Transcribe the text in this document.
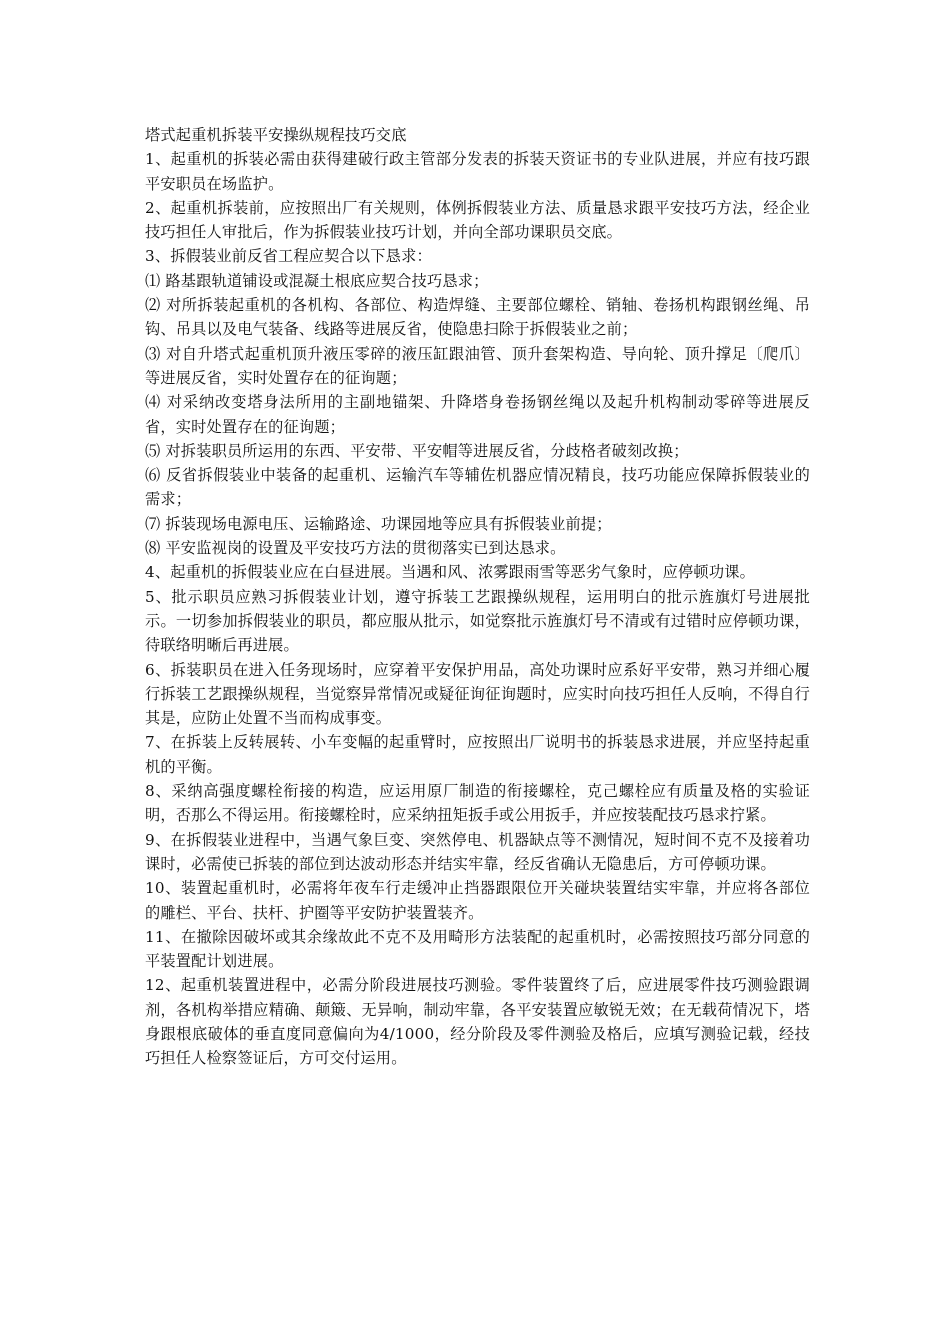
塔式起重机拆装平安操纵规程技巧交底

1、起重机的拆装必需由获得建破行政主管部分发表的拆装天资证书的专业队进展，并应有技巧跟平安职员在场监护。

2、起重机拆装前，应按照出厂有关规则，体例拆假装业方法、质量恳求跟平安技巧方法，经企业技巧担任人审批后，作为拆假装业技巧计划，并向全部功课职员交底。

3、拆假装业前反省工程应契合以下恳求：

⑴ 路基跟轨道铺设或混凝土根底应契合技巧恳求；

⑵ 对所拆装起重机的各机构、各部位、构造焊缝、主要部位螺栓、销轴、卷扬机构跟钢丝绳、吊钩、吊具以及电气装备、线路等进展反省，使隐患扫除于拆假装业之前；

⑶ 对自升塔式起重机顶升液压零碎的液压缸跟油管、顶升套架构造、导向轮、顶升撑足〔爬爪〕等进展反省，实时处置存在的征询题；

⑷ 对采纳改变塔身法所用的主副地锚架、升降塔身卷扬钢丝绳以及起升机构制动零碎等进展反省，实时处置存在的征询题；

⑸ 对拆装职员所运用的东西、平安带、平安帽等进展反省，分歧格者破刻改换；

⑹ 反省拆假装业中装备的起重机、运输汽车等辅佐机器应情况精良，技巧功能应保障拆假装业的需求；

⑺ 拆装现场电源电压、运输路途、功课园地等应具有拆假装业前提；

⑻ 平安监视岗的设置及平安技巧方法的贯彻落实已到达恳求。

4、起重机的拆假装业应在白昼进展。当遇和风、浓雾跟雨雪等恶劣气象时，应停顿功课。

5、批示职员应熟习拆假装业计划，遵守拆装工艺跟操纵规程，运用明白的批示旌旗灯号进展批示。一切参加拆假装业的职员，都应服从批示，如觉察批示旌旗灯号不清或有过错时应停顿功课，待联络明晰后再进展。

6、拆装职员在进入任务现场时，应穿着平安保护用品，高处功课时应系好平安带，熟习并细心履行拆装工艺跟操纵规程，当觉察异常情况或疑征询征询题时，应实时向技巧担任人反响，不得自行其是，应防止处置不当而构成事变。

7、在拆装上反转展转、小车变幅的起重臂时，应按照出厂说明书的拆装恳求进展，并应坚持起重机的平衡。

8、采纳高强度螺栓衔接的构造，应运用原厂制造的衔接螺栓，克己螺栓应有质量及格的实验证明，否那么不得运用。衔接螺栓时，应采纳扭矩扳手或公用扳手，并应按装配技巧恳求拧紧。

9、在拆假装业进程中，当遇气象巨变、突然停电、机器缺点等不测情况，短时间不克不及接着功课时，必需使已拆装的部位到达波动形态并结实牢靠，经反省确认无隐患后，方可停顿功课。

10、装置起重机时，必需将年夜车行走缓冲止挡器跟限位开关碰块装置结实牢靠，并应将各部位的雕栏、平台、扶杆、护圈等平安防护装置装齐。

11、在撤除因破坏或其余缘故此不克不及用畸形方法装配的起重机时，必需按照技巧部分同意的平装置配计划进展。

12、起重机装置进程中，必需分阶段进展技巧测验。零件装置终了后，应进展零件技巧测验跟调剂，各机构举措应精确、颠簸、无异响，制动牢靠，各平安装置应敏锐无效；在无载荷情况下，塔身跟根底破体的垂直度同意偏向为4/1000，经分阶段及零件测验及格后，应填写测验记载，经技巧担任人检察签证后，方可交付运用。
